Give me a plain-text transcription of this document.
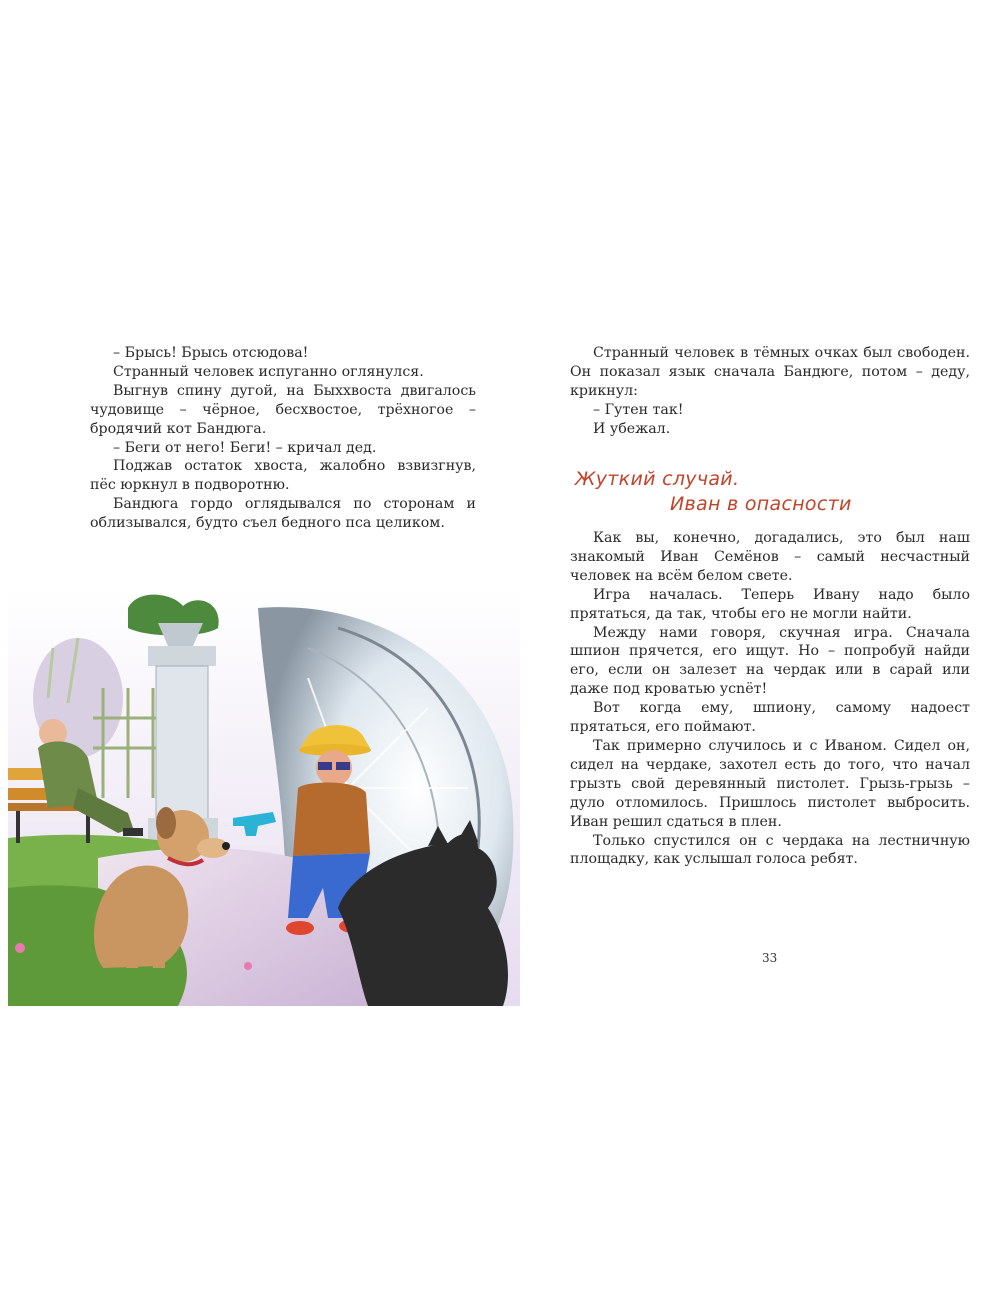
– Брысь! Брысь отсюдова!

Странный человек испуганно оглянулся.

Выгнув спину дугой, на Быххвоста двигалось чудовище – чёрное, бесхвостое, трёхногое – бродячий кот Бандюга.

– Беги от него! Беги! – кричал дед.

Поджав остаток хвоста, жалобно взвизгнув, пёс юркнул в подворотню.

Бандюга гордо оглядывался по сторонам и облизывался, будто съел бедного пса целиком.

Странный человек в тёмных очках был свободен. Он показал язык сначала Бандюге, потом – деду, крикнул:

– Гутен так!

И убежал.

Жуткий случай.

Иван в опасности

Как вы, конечно, догадались, это был наш знакомый Иван Семёнов – самый несчастный человек на всём белом свете.

Игра началась. Теперь Ивану надо было прятаться, да так, чтобы его не могли найти.

Между нами говоря, скучная игра. Сначала шпион прячется, его ищут. Но – попробуй найди его, если он залезет на чердак или в сарай или даже под кроватью усnёт!

Вот когда ему, шпиону, самому надоест прятаться, его поймают.

Так примерно случилось и с Иваном. Сидел он, сидел на чердаке, захотел есть до того, что начал грызть свой деревянный пистолет. Грызь-грызь – дуло отломилось. Пришлось пистолет выбросить. Иван решил сдаться в плен.

Только спустился он с чердака на лестничную площадку, как услышал голоса ребят.

33
